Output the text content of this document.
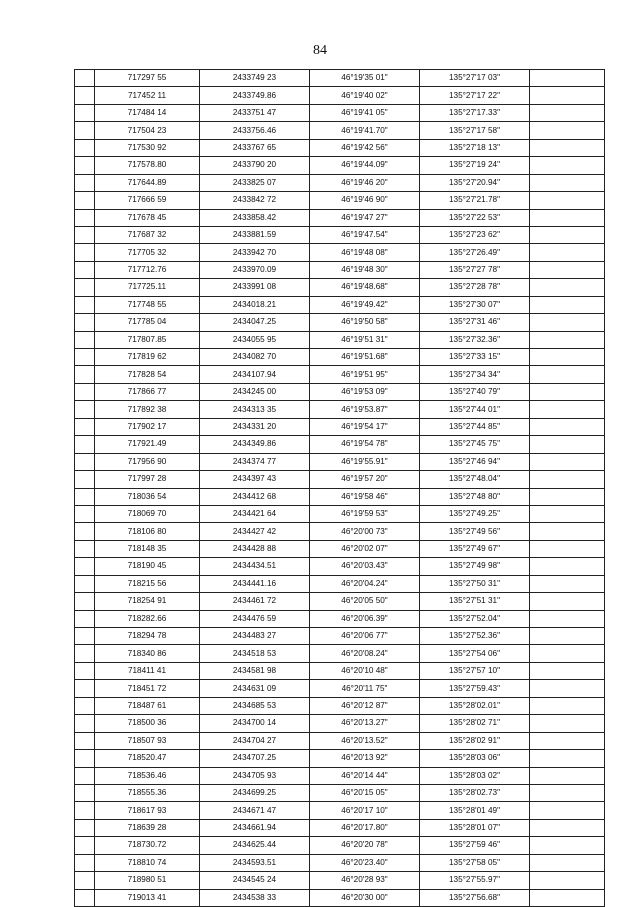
84
	717297 55	2433749 23	46°19'35 01"	135°27'17 03"	
	717452 11	2433749.86	46°19'40 02"	135°27'17 22"	
	717484 14	2433751 47	46°19'41 05"	135°27'17.33"	
	717504 23	2433756.46	46°19'41.70"	135°27'17 58"	
	717530 92	2433767 65	46°19'42 56"	135°27'18 13"	
	717578.80	2433790 20	46°19'44.09"	135°27'19 24"	
	717644.89	2433825 07	46°19'46 20"	135°27'20.94"	
	717666 59	2433842 72	46°19'46 90"	135°27'21.78"	
	717678 45	2433858.42	46°19'47 27"	135°27'22 53"	
	717687 32	2433881.59	46°19'47.54"	135°27'23 62"	
	717705 32	2433942 70	46°19'48 08"	135°27'26.49"	
	717712.76	2433970.09	46°19'48 30"	135°27'27 78"	
	717725.11	2433991 08	46°19'48.68"	135°27'28 78"	
	717748 55	2434018.21	46°19'49.42"	135°27'30 07"	
	717785 04	2434047.25	46°19'50 58"	135°27'31 46"	
	717807.85	2434055 95	46°19'51 31"	135°27'32.36"	
	717819 62	2434082 70	46°19'51.68"	135°27'33 15"	
	717828 54	2434107.94	46°19'51 95"	135°27'34 34"	
	717866 77	2434245 00	46°19'53 09"	135°27'40 79"	
	717892 38	2434313 35	46°19'53.87"	135°27'44 01"	
	717902 17	2434331 20	46°19'54 17"	135°27'44 85"	
	717921.49	2434349.86	46°19'54 78"	135°27'45 75"	
	717956 90	2434374 77	46°19'55.91"	135°27'46 94"	
	717997 28	2434397 43	46°19'57 20"	135°27'48.04"	
	718036 54	2434412 68	46°19'58 46"	135°27'48 80"	
	718069 70	2434421 64	46°19'59 53"	135°27'49.25"	
	718106 80	2434427 42	46°20'00 73"	135°27'49 56"	
	718148 35	2434428 88	46°20'02 07"	135°27'49 67"	
	718190 45	2434434.51	46°20'03.43"	135°27'49 98"	
	718215 56	2434441.16	46°20'04.24"	135°27'50 31"	
	718254 91	2434461 72	46°20'05 50"	135°27'51 31"	
	718282.66	2434476 59	46°20'06.39"	135°27'52.04"	
	718294 78	2434483 27	46°20'06 77"	135°27'52.36"	
	718340 86	2434518 53	46°20'08.24"	135°27'54 06"	
	718411 41	2434581 98	46°20'10 48"	135°27'57 10"	
	718451 72	2434631 09	46°20'11 75"	135°27'59.43"	
	718487 61	2434685 53	46°20'12 87"	135°28'02.01"	
	718500 36	2434700 14	46°20'13.27"	135°28'02 71"	
	718507 93	2434704 27	46°20'13.52"	135°28'02 91"	
	718520.47	2434707.25	46°20'13 92"	135°28'03 06"	
	718536.46	2434705 93	46°20'14 44"	135°28'03 02"	
	718555.36	2434699.25	46°20'15 05"	135°28'02.73"	
	718617 93	2434671 47	46°20'17 10"	135°28'01 49"	
	718639 28	2434661.94	46°20'17.80"	135°28'01 07"	
	718730.72	2434625.44	46°20'20 78"	135°27'59 46"	
	718810 74	2434593.51	46°20'23.40"	135°27'58 05"	
	718980 51	2434545 24	46°20'28 93"	135°27'55.97"	
	719013 41	2434538 33	46°20'30 00"	135°27'56.68"	
